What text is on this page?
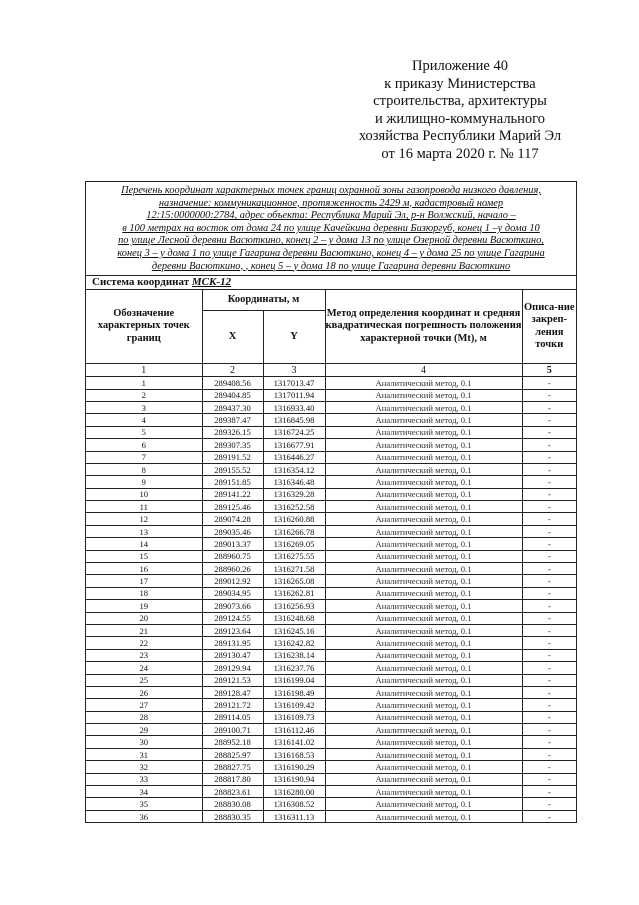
Приложение 40
к приказу Министерства
строительства, архитектуры
и жилищно-коммунального
хозяйства Республики Марий Эл
от 16 марта 2020 г. № 117
Перечень координат характерных точек границ охранной зоны газопровода низкого давления,
назначение: коммуникационное, протяженность 2429 м, кадастровый номер
12:15:0000000:2784, адрес объекта: Республика Марий Эл, р-н Волжский, начало –
в 100 метрах на восток от дома 24 по улице Качейкина деревни Бизюргуб, конец 1 –у дома 10
по улице Лесной деревни Васюткино, конец 2 – у дома 13 по улице Озерной деревни Васюткино,
конец 3 – у дома 1 по улице Гагарина деревни Васюткино, конец 4 – у дома 25 по улице Гагарина
деревни Васюткино, , конец 5 – у дома 18 по улице Гагарина деревни Васюткино
Система координат МСК-12
Обозначение характерных точек границ	Координаты, м		Метод определения координат и средняя квадратическая погрешность положения характерной точки (Mt), м	Описа-ние закреп-ления точки
	X	Y		
1	2	3	4	5
1	289408.56	1317013.47	Аналитический метод, 0.1	-
2	289404.85	1317011.94	Аналитический метод, 0.1	-
3	289437.30	1316933.40	Аналитический метод, 0.1	-
4	289387.47	1316845.98	Аналитический метод, 0.1	-
5	289326.15	1316724.25	Аналитический метод, 0.1	-
6	289307.35	1316677.91	Аналитический метод, 0.1	-
7	289191.52	1316446.27	Аналитический метод, 0.1	-
8	289155.52	1316354.12	Аналитический метод, 0.1	-
9	289151.85	1316346.48	Аналитический метод, 0.1	-
10	289141.22	1316329.28	Аналитический метод, 0.1	-
11	289125.46	1316252.58	Аналитический метод, 0.1	-
12	289074.28	1316260.88	Аналитический метод, 0.1	-
13	289035.46	1316266.78	Аналитический метод, 0.1	-
14	289013.37	1316269.05	Аналитический метод, 0.1	-
15	288960.75	1316275.55	Аналитический метод, 0.1	-
16	288960.26	1316271.58	Аналитический метод, 0.1	-
17	289012.92	1316265.08	Аналитический метод, 0.1	-
18	289034.95	1316262.81	Аналитический метод, 0.1	-
19	289073.66	1316256.93	Аналитический метод, 0.1	-
20	289124.55	1316248.68	Аналитический метод, 0.1	-
21	289123.64	1316245.16	Аналитический метод, 0.1	-
22	289131.95	1316242.82	Аналитический метод, 0.1	-
23	289130.47	1316238.14	Аналитический метод, 0.1	-
24	289129.94	1316237.76	Аналитический метод, 0.1	-
25	289121.53	1316199.04	Аналитический метод, 0.1	-
26	289128.47	1316198.49	Аналитический метод, 0.1	-
27	289121.72	1316109.42	Аналитический метод, 0.1	-
28	289114.05	1316109.73	Аналитический метод, 0.1	-
29	289100.71	1316112.46	Аналитический метод, 0.1	-
30	288952.18	1316141.02	Аналитический метод, 0.1	-
31	288825.97	1316168.53	Аналитический метод, 0.1	-
32	288827.75	1316190.29	Аналитический метод, 0.1	-
33	288817.80	1316190.94	Аналитический метод, 0.1	-
34	288823.61	1316280.00	Аналитический метод, 0.1	-
35	288830.08	1316308.52	Аналитический метод, 0.1	-
36	288830.35	1316311.13	Аналитический метод, 0.1	-
